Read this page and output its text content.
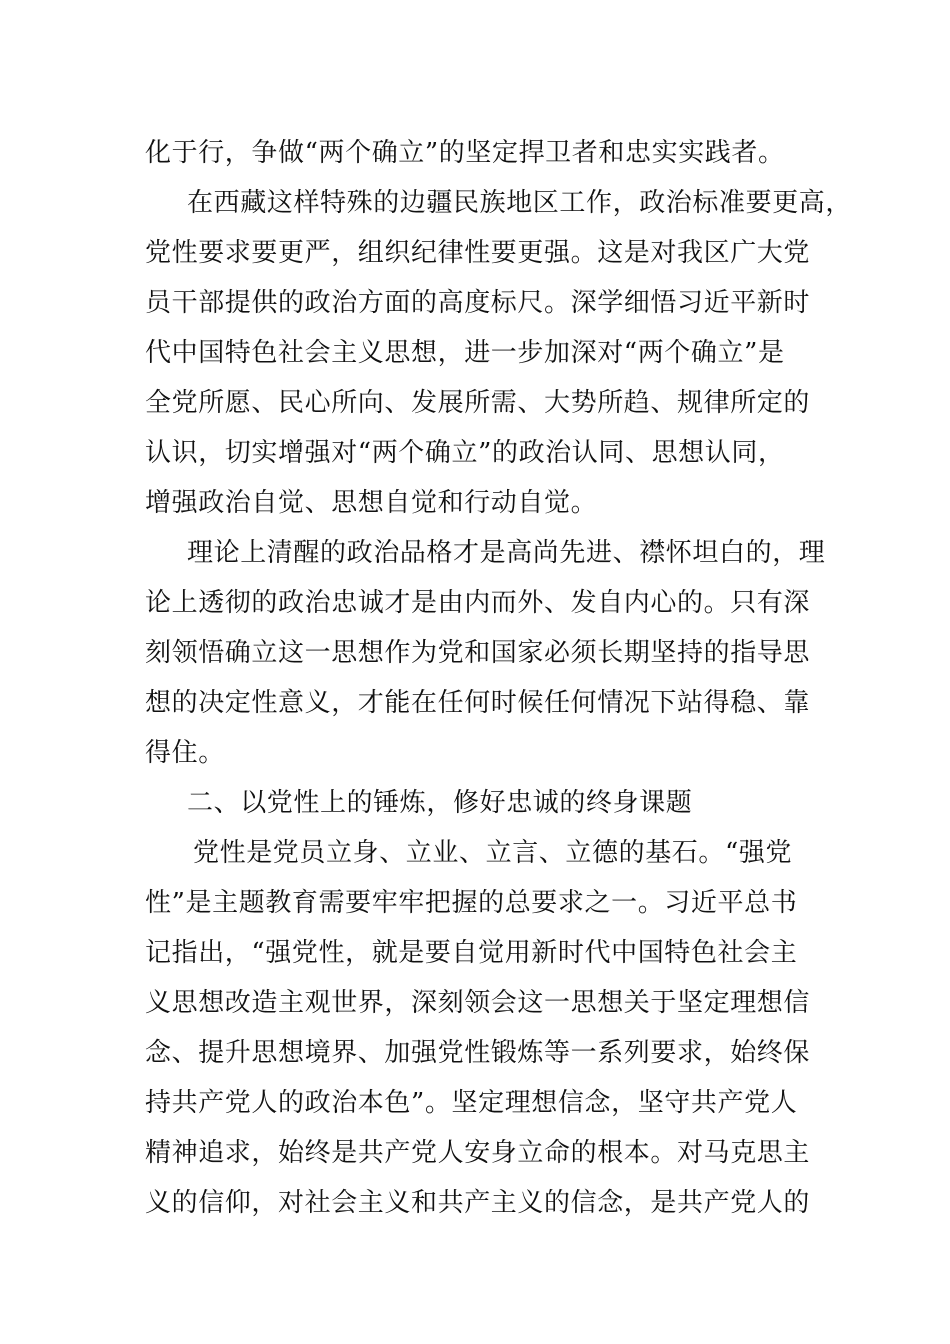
化于行，争做“两个确立”的坚定捍卫者和忠实实践者。
在西藏这样特殊的边疆民族地区工作，政治标准要更高，
党性要求要更严，组织纪律性要更强。这是对我区广大党
员干部提供的政治方面的高度标尺。深学细悟习近平新时
代中国特色社会主义思想，进一步加深对“两个确立”是
全党所愿、民心所向、发展所需、大势所趋、规律所定的
认识，切实增强对“两个确立”的政治认同、思想认同，
增强政治自觉、思想自觉和行动自觉。
理论上清醒的政治品格才是高尚先进、襟怀坦白的，理
论上透彻的政治忠诚才是由内而外、发自内心的。只有深
刻领悟确立这一思想作为党和国家必须长期坚持的指导思
想的决定性意义，才能在任何时候任何情况下站得稳、靠
得住。
二、以党性上的锤炼，修好忠诚的终身课题
党性是党员立身、立业、立言、立德的基石。“强党
性”是主题教育需要牢牢把握的总要求之一。习近平总书
记指出，“强党性，就是要自觉用新时代中国特色社会主
义思想改造主观世界，深刻领会这一思想关于坚定理想信
念、提升思想境界、加强党性锻炼等一系列要求，始终保
持共产党人的政治本色”。坚定理想信念，坚守共产党人
精神追求，始终是共产党人安身立命的根本。对马克思主
义的信仰，对社会主义和共产主义的信念，是共产党人的
